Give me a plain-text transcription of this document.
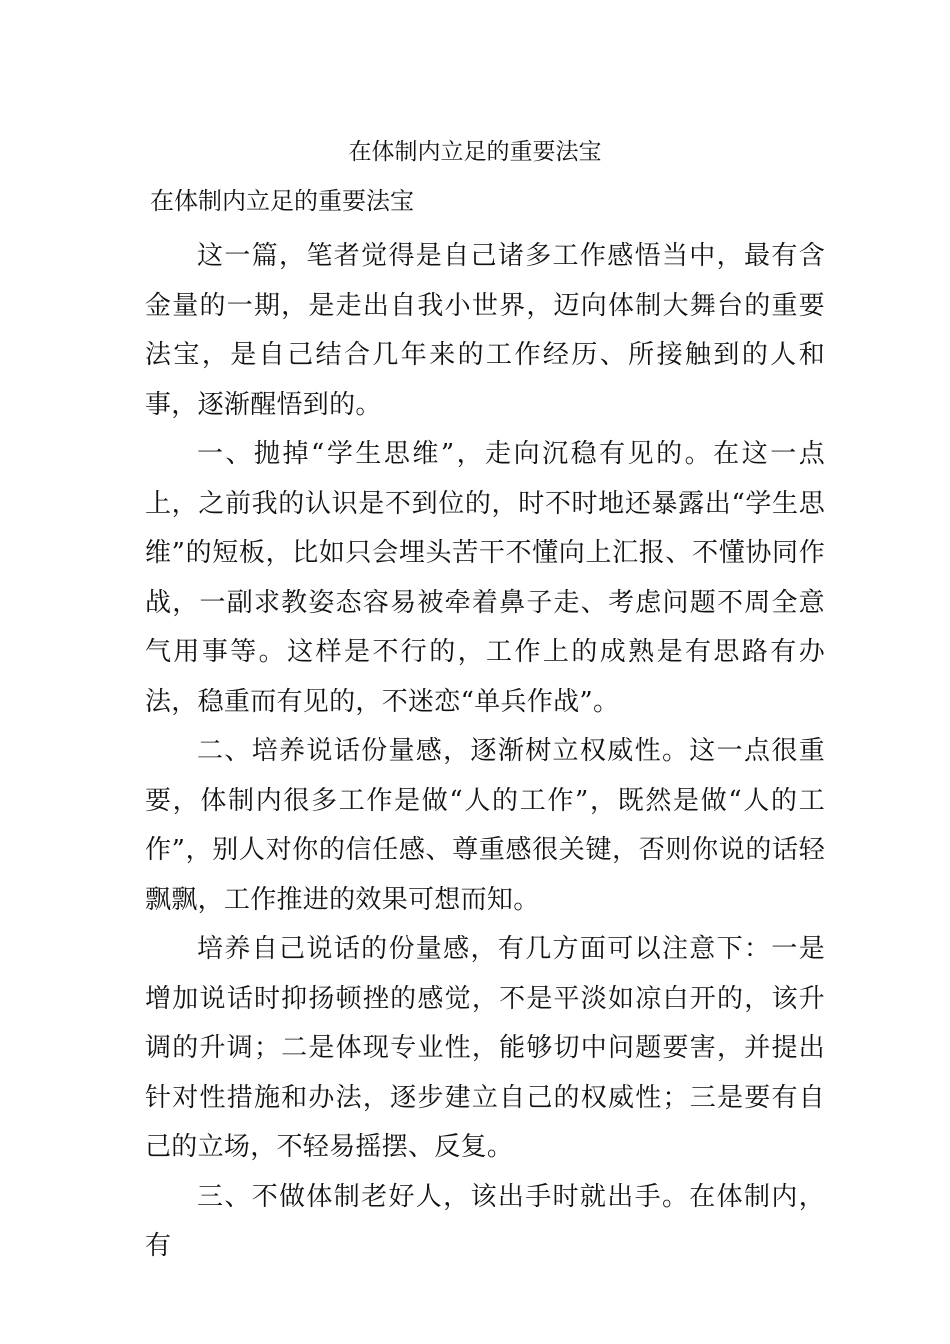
在体制内立足的重要法宝
在体制内立足的重要法宝

这一篇，笔者觉得是自己诸多工作感悟当中，最有含金量的一期，是走出自我小世界，迈向体制大舞台的重要法宝，是自己结合几年来的工作经历、所接触到的人和事，逐渐醒悟到的。

一、抛掉“学生思维”，走向沉稳有见的。在这一点上，之前我的认识是不到位的，时不时地还暴露出“学生思维”的短板，比如只会埋头苦干不懂向上汇报、不懂协同作战，一副求教姿态容易被牵着鼻子走、考虑问题不周全意气用事等。这样是不行的，工作上的成熟是有思路有办法，稳重而有见的，不迷恋“单兵作战”。

二、培养说话份量感，逐渐树立权威性。这一点很重要，体制内很多工作是做“人的工作”，既然是做“人的工作”，别人对你的信任感、尊重感很关键，否则你说的话轻飘飘，工作推进的效果可想而知。

培养自己说话的份量感，有几方面可以注意下：一是增加说话时抑扬顿挫的感觉，不是平淡如凉白开的，该升调的升调；二是体现专业性，能够切中问题要害，并提出针对性措施和办法，逐步建立自己的权威性；三是要有自己的立场，不轻易摇摆、反复。

三、不做体制老好人，该出手时就出手。在体制内，有
